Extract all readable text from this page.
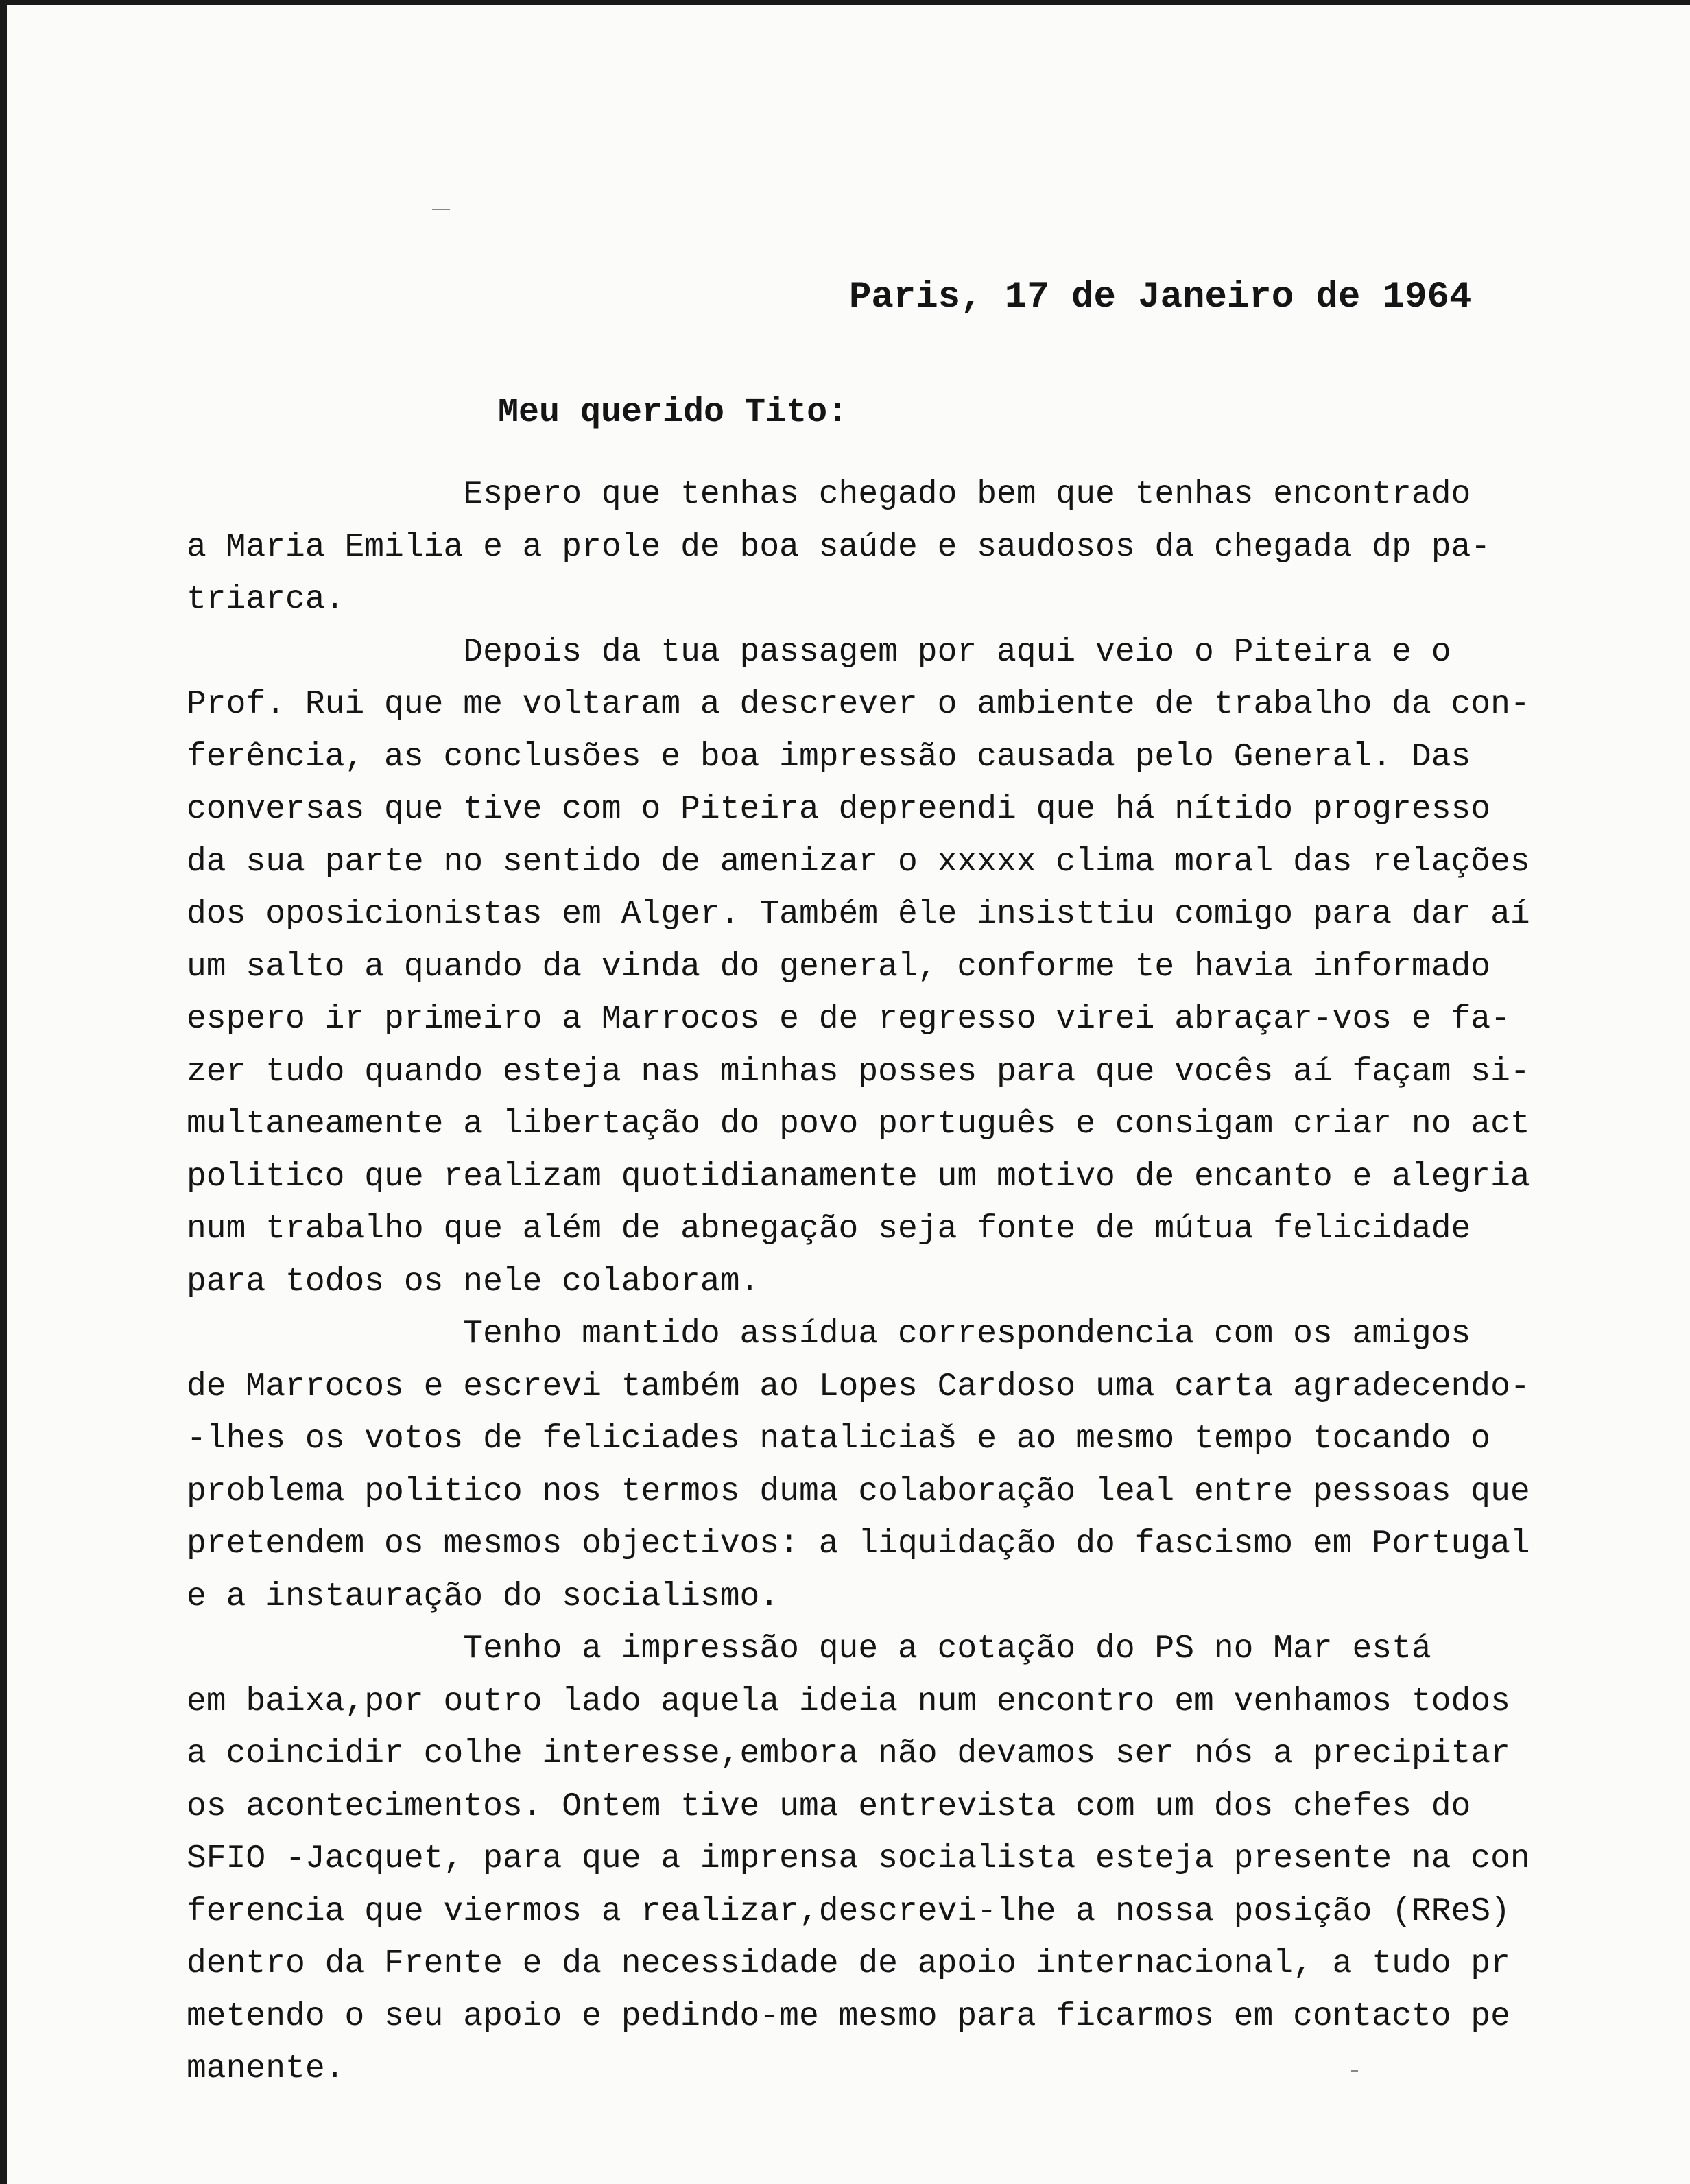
Paris, 17 de Janeiro de 1964
Meu querido Tito:
Espero que tenhas chegado bem que tenhas encontrado
a Maria Emilia e a prole de boa saúde e saudosos da chegada dp pa-
triarca.
Depois da tua passagem por aqui veio o Piteira e o
Prof. Rui que me voltaram a descrever o ambiente de trabalho da con-
ferência, as conclusões e boa impressão causada pelo General. Das
conversas que tive com o Piteira depreendi que há nítido progresso
da sua parte no sentido de amenizar o xxxxx clima moral das relações
dos oposicionistas em Alger. Também êle insisttiu comigo para dar aí
um salto a quando da vinda do general, conforme te havia informado
espero ir primeiro a Marrocos e de regresso virei abraçar-vos e fa-
zer tudo quando esteja nas minhas posses para que vocês aí façam si-
multaneamente a libertação do povo português e consigam criar no act
politico que realizam quotidianamente um motivo de encanto e alegria
num trabalho que além de abnegação seja fonte de mútua felicidade
para todos os nele colaboram.
Tenho mantido assídua correspondencia com os amigos
de Marrocos e escrevi também ao Lopes Cardoso uma carta agradecendo-
-lhes os votos de feliciades nataliciaš e ao mesmo tempo tocando o
problema politico nos termos duma colaboração leal entre pessoas que
pretendem os mesmos objectivos: a liquidação do fascismo em Portugal
e a instauração do socialismo.
Tenho a impressão que a cotação do PS no Mar está
em baixa,por outro lado aquela ideia num encontro em venhamos todos
a coincidir colhe interesse,embora não devamos ser nós a precipitar
os acontecimentos. Ontem tive uma entrevista com um dos chefes do
SFIO -Jacquet, para que a imprensa socialista esteja presente na con
ferencia que viermos a realizar,descrevi-lhe a nossa posição (RReS)
dentro da Frente e da necessidade de apoio internacional, a tudo pr
metendo o seu apoio e pedindo-me mesmo para ficarmos em contacto pe
manente.
